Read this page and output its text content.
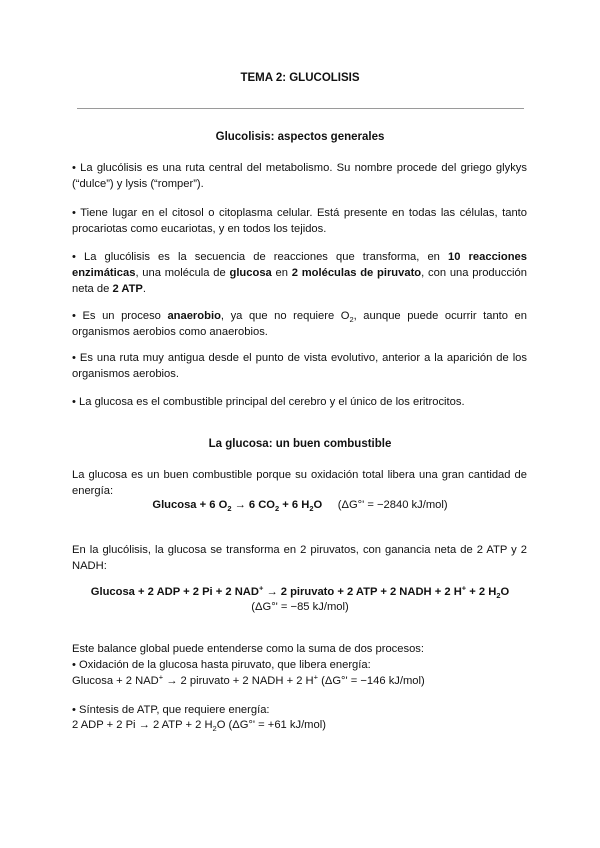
TEMA 2: GLUCOLISIS
Glucolisis: aspectos generales
• La glucólisis es una ruta central del metabolismo. Su nombre procede del griego glykys (“dulce”) y lysis (“romper”).
• Tiene lugar en el citosol o citoplasma celular. Está presente en todas las células, tanto procariotas como eucariotas, y en todos los tejidos.
• La glucólisis es la secuencia de reacciones que transforma, en 10 reacciones enzimáticas, una molécula de glucosa en 2 moléculas de piruvato, con una producción neta de 2 ATP.
• Es un proceso anaerobio, ya que no requiere $O_2$, aunque puede ocurrir tanto en organismos aerobios como anaerobios.
• Es una ruta muy antigua desde el punto de vista evolutivo, anterior a la aparición de los organismos aerobios.
• La glucosa es el combustible principal del cerebro y el único de los eritrocitos.
La glucosa: un buen combustible
La glucosa es un buen combustible porque su oxidación total libera una gran cantidad de energía:
Glucosa + 6 $O_2 \to 6$ $CO_2 + 6$ $H_2O$ (ΔG°' = −2840 kJ/mol)
En la glucólisis, la glucosa se transforma en 2 piruvatos, con ganancia neta de 2 ATP y 2 NADH:
Glucosa + 2 ADP + 2 Pi + 2 NAD+ → 2 piruvato + 2 ATP + 2 NADH + 2 H+ + 2 $H_2O$
(ΔG°' = −85 kJ/mol)
Este balance global puede entenderse como la suma de dos procesos:
• Oxidación de la glucosa hasta piruvato, que libera energía:
Glucosa + 2 NAD+ → 2 piruvato + 2 NADH + 2 H+ (ΔG°' = −146 kJ/mol)
• Síntesis de ATP, que requiere energía:
2 ADP + 2 Pi → 2 ATP + 2 $H_2O$ (ΔG°' = +61 kJ/mol)
